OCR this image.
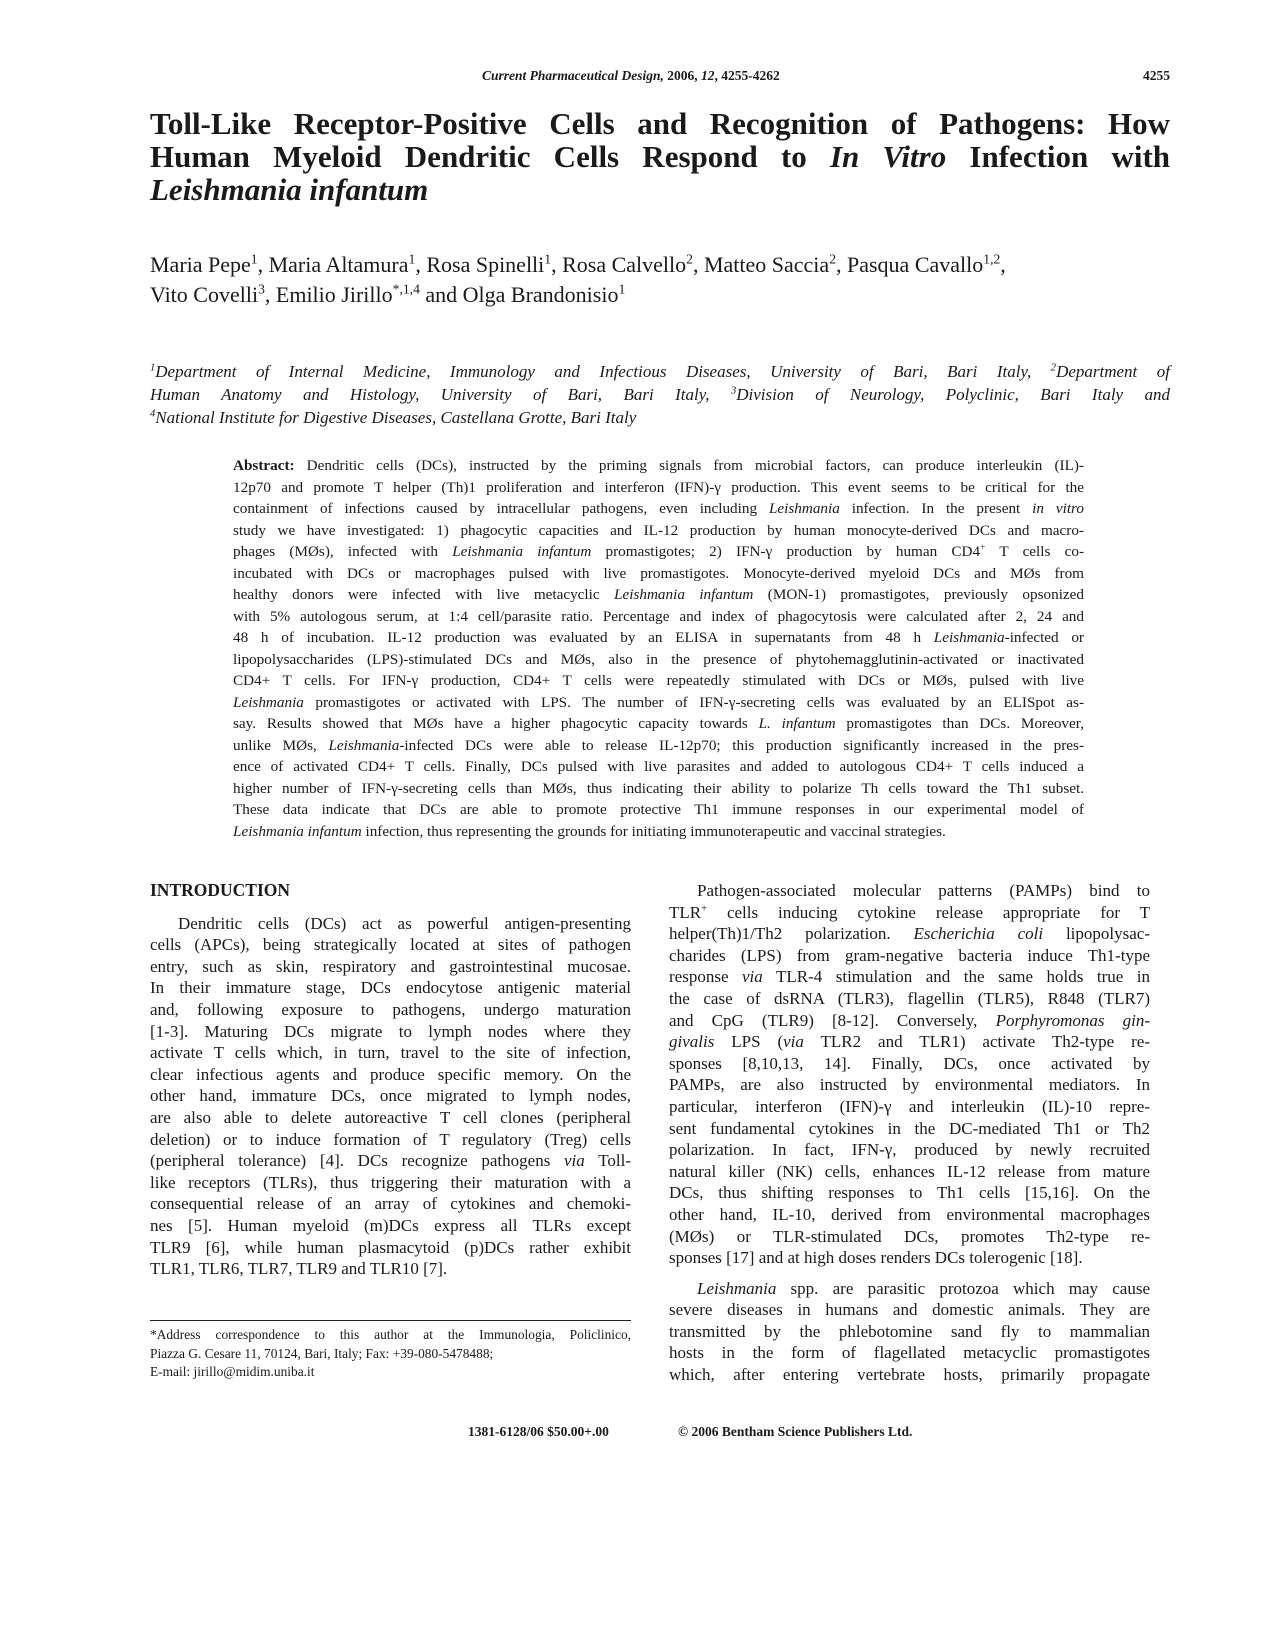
Current Pharmaceutical Design, 2006, 12, 4255-4262	4255
Toll-Like Receptor-Positive Cells and Recognition of Pathogens: How
Human Myeloid Dendritic Cells Respond to In Vitro Infection with
Leishmania infantum
Maria Pepe$^1$, Maria Altamura$^1$, Rosa Spinelli$^1$, Rosa Calvello$^2$, Matteo Saccia$^2$, Pasqua Cavallo$^{1,2}$,
Vito Covelli$^3$, Emilio Jirillo$^{*,1,4}$ and Olga Brandonisio$^1$
$^1$Department of Internal Medicine, Immunology and Infectious Diseases, University of Bari, Bari Italy, $^2$Department of
Human Anatomy and Histology, University of Bari, Bari Italy, $^3$Division of Neurology, Polyclinic, Bari Italy and
$^4$National Institute for Digestive Diseases, Castellana Grotte, Bari Italy
Abstract: Dendritic cells (DCs), instructed by the priming signals from microbial factors, can produce interleukin (IL)-
12p70 and promote T helper (Th)1 proliferation and interferon (IFN)-γ production. This event seems to be critical for the
containment of infections caused by intracellular pathogens, even including Leishmania infection. In the present in vitro
study we have investigated: 1) phagocytic capacities and IL-12 production by human monocyte-derived DCs and macro-
phages (MØs), infected with Leishmania infantum promastigotes; 2) IFN-γ production by human CD4+ T cells co-
incubated with DCs or macrophages pulsed with live promastigotes. Monocyte-derived myeloid DCs and MØs from
healthy donors were infected with live metacyclic Leishmania infantum (MON-1) promastigotes, previously opsonized
with 5% autologous serum, at 1:4 cell/parasite ratio. Percentage and index of phagocytosis were calculated after 2, 24 and
48 h of incubation. IL-12 production was evaluated by an ELISA in supernatants from 48 h Leishmania-infected or
lipopolysaccharides (LPS)-stimulated DCs and MØs, also in the presence of phytohemagglutinin-activated or inactivated
CD4+ T cells. For IFN-γ production, CD4+ T cells were repeatedly stimulated with DCs or MØs, pulsed with live
Leishmania promastigotes or activated with LPS. The number of IFN-γ-secreting cells was evaluated by an ELISpot as-
say. Results showed that MØs have a higher phagocytic capacity towards L. infantum promastigotes than DCs. Moreover,
unlike MØs, Leishmania-infected DCs were able to release IL-12p70; this production significantly increased in the pres-
ence of activated CD4+ T cells. Finally, DCs pulsed with live parasites and added to autologous CD4+ T cells induced a
higher number of IFN-γ-secreting cells than MØs, thus indicating their ability to polarize Th cells toward the Th1 subset.
These data indicate that DCs are able to promote protective Th1 immune responses in our experimental model of
Leishmania infantum infection, thus representing the grounds for initiating immunoterapeutic and vaccinal strategies.
INTRODUCTION
Dendritic cells (DCs) act as powerful antigen-presenting
cells (APCs), being strategically located at sites of pathogen
entry, such as skin, respiratory and gastrointestinal mucosae.
In their immature stage, DCs endocytose antigenic material
and, following exposure to pathogens, undergo maturation
[1-3]. Maturing DCs migrate to lymph nodes where they
activate T cells which, in turn, travel to the site of infection,
clear infectious agents and produce specific memory. On the
other hand, immature DCs, once migrated to lymph nodes,
are also able to delete autoreactive T cell clones (peripheral
deletion) or to induce formation of T regulatory (Treg) cells
(peripheral tolerance) [4]. DCs recognize pathogens via Toll-
like receptors (TLRs), thus triggering their maturation with a
consequential release of an array of cytokines and chemoki-
nes [5]. Human myeloid (m)DCs express all TLRs except
TLR9 [6], while human plasmacytoid (p)DCs rather exhibit
TLR1, TLR6, TLR7, TLR9 and TLR10 [7].
Pathogen-associated molecular patterns (PAMPs) bind to
TLR+ cells inducing cytokine release appropriate for T
helper(Th)1/Th2 polarization. Escherichia coli lipopolysac-
charides (LPS) from gram-negative bacteria induce Th1-type
response via TLR-4 stimulation and the same holds true in
the case of dsRNA (TLR3), flagellin (TLR5), R848 (TLR7)
and CpG (TLR9) [8-12]. Conversely, Porphyromonas gin-
givalis LPS (via TLR2 and TLR1) activate Th2-type re-
sponses [8,10,13, 14]. Finally, DCs, once activated by
PAMPs, are also instructed by environmental mediators. In
particular, interferon (IFN)-γ and interleukin (IL)-10 repre-
sent fundamental cytokines in the DC-mediated Th1 or Th2
polarization. In fact, IFN-γ, produced by newly recruited
natural killer (NK) cells, enhances IL-12 release from mature
DCs, thus shifting responses to Th1 cells [15,16]. On the
other hand, IL-10, derived from environmental macrophages
(MØs) or TLR-stimulated DCs, promotes Th2-type re-
sponses [17] and at high doses renders DCs tolerogenic [18].
Leishmania spp. are parasitic protozoa which may cause
severe diseases in humans and domestic animals. They are
transmitted by the phlebotomine sand fly to mammalian
hosts in the form of flagellated metacyclic promastigotes
which, after entering vertebrate hosts, primarily propagate
*Address correspondence to this author at the Immunologia, Policlinico,
Piazza G. Cesare 11, 70124, Bari, Italy; Fax: +39-080-5478488;
E-mail: jirillo@midim.uniba.it
1381-6128/06 $50.00+.00	© 2006 Bentham Science Publishers Ltd.
